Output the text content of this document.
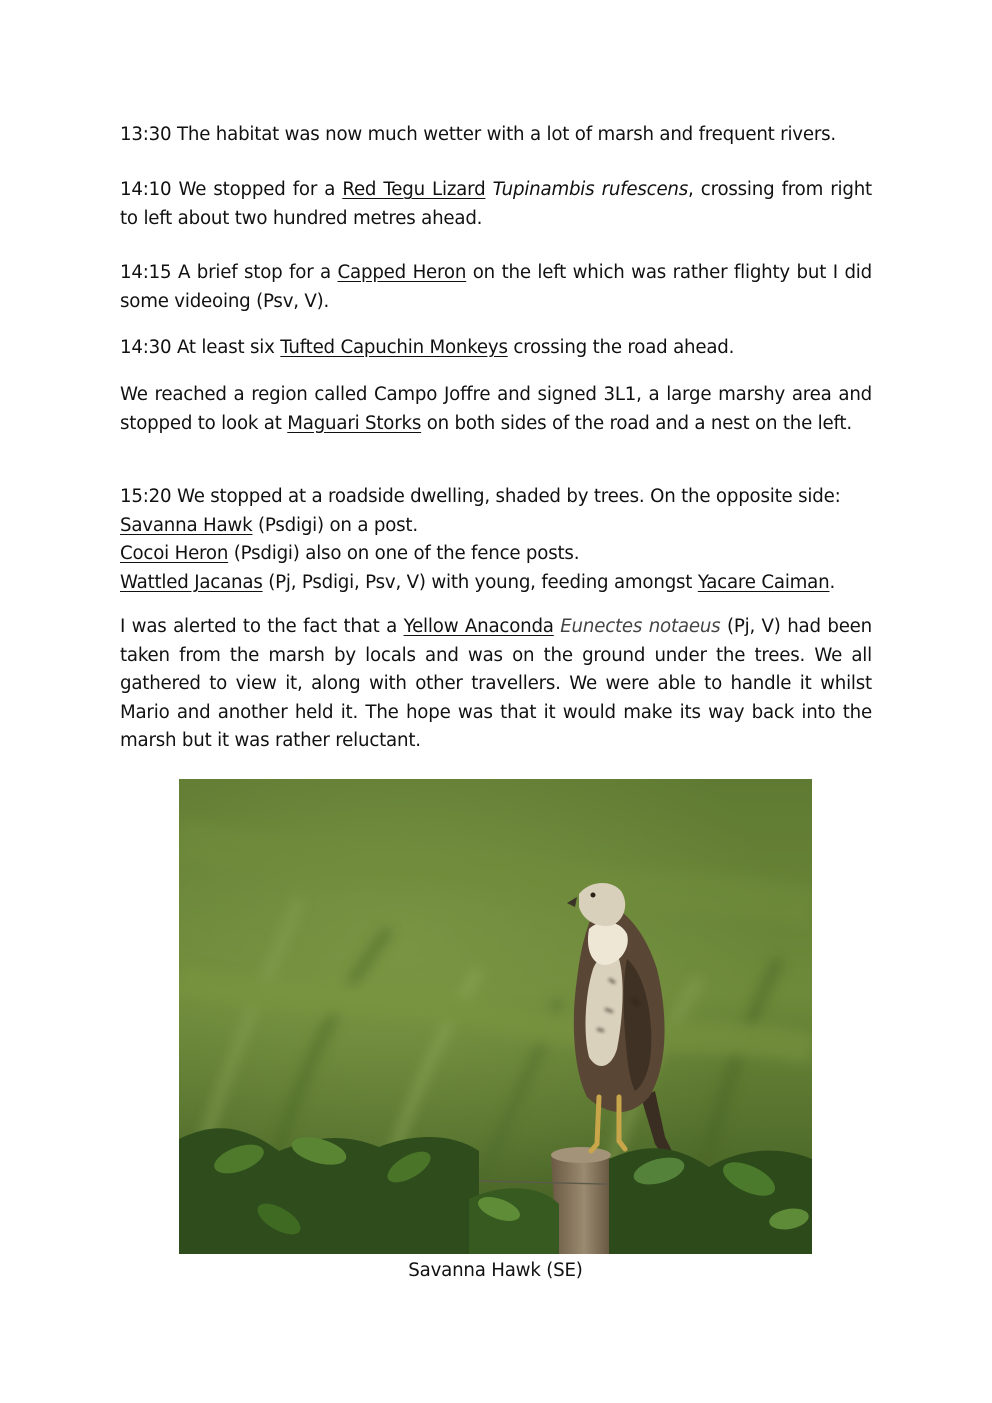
13:30 The habitat was now much wetter with a lot of marsh and frequent rivers.

14:10 We stopped for a Red Tegu Lizard Tupinambis rufescens, crossing from right to left about two hundred metres ahead.

14:15 A brief stop for a Capped Heron on the left which was rather flighty but I did some videoing (Psv, V).

14:30 At least six Tufted Capuchin Monkeys crossing the road ahead.

We reached a region called Campo Joffre and signed 3L1, a large marshy area and stopped to look at Maguari Storks on both sides of the road and a nest on the left.

15:20 We stopped at a roadside dwelling, shaded by trees. On the opposite side:
Savanna Hawk (Psdigi) on a post.
Cocoi Heron (Psdigi) also on one of the fence posts.
Wattled Jacanas (Pj, Psdigi, Psv, V) with young, feeding amongst Yacare Caiman.

I was alerted to the fact that a Yellow Anaconda Eunectes notaeus (Pj, V) had been taken from the marsh by locals and was on the ground under the trees. We all gathered to view it, along with other travellers. We were able to handle it whilst Mario and another held it. The hope was that it would make its way back into the marsh but it was rather reluctant.

Savanna Hawk (SE)
